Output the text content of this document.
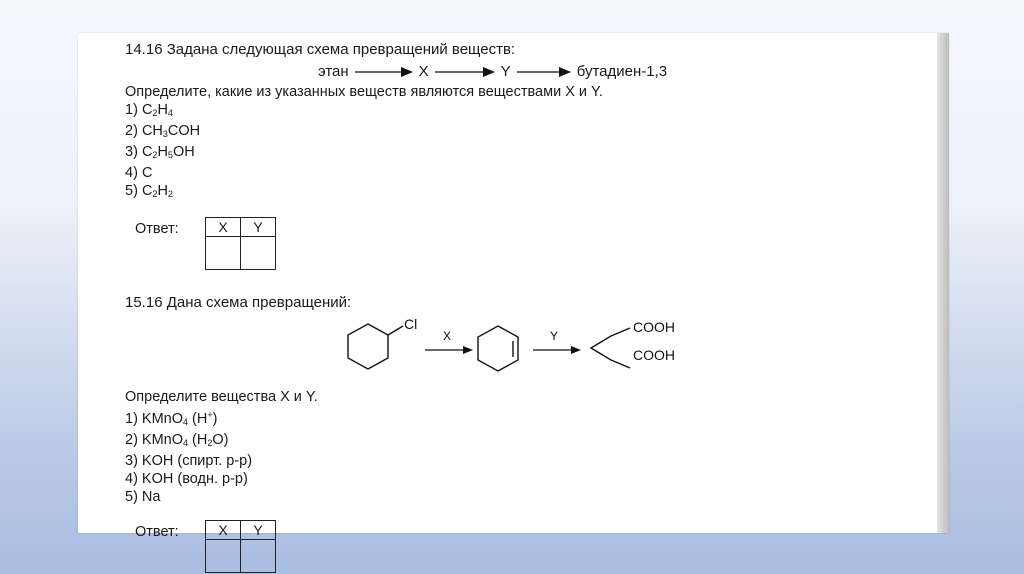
14.16 Задана следующая схема превращений веществ:
этан	X	Y	бутадиен-1,3
Определите, какие из указанных веществ являются веществами X и Y.
1) $C_2H_4$
2) $CH_3COH$
3) $C_2H_5OH$
4) C
5) $C_2H_2$
Ответ:	X	Y

15.16 Дана схема превращений:
Cl
X	Y
COOH
COOH
Определите вещества X и Y.
1) KMnO$_4$ (H+)
2) KMnO$_4$ $(H_2O)$
3) KOH (спирт. р-р)
4) KOH (водн. р-р)
5) Na
Ответ:	X	Y
